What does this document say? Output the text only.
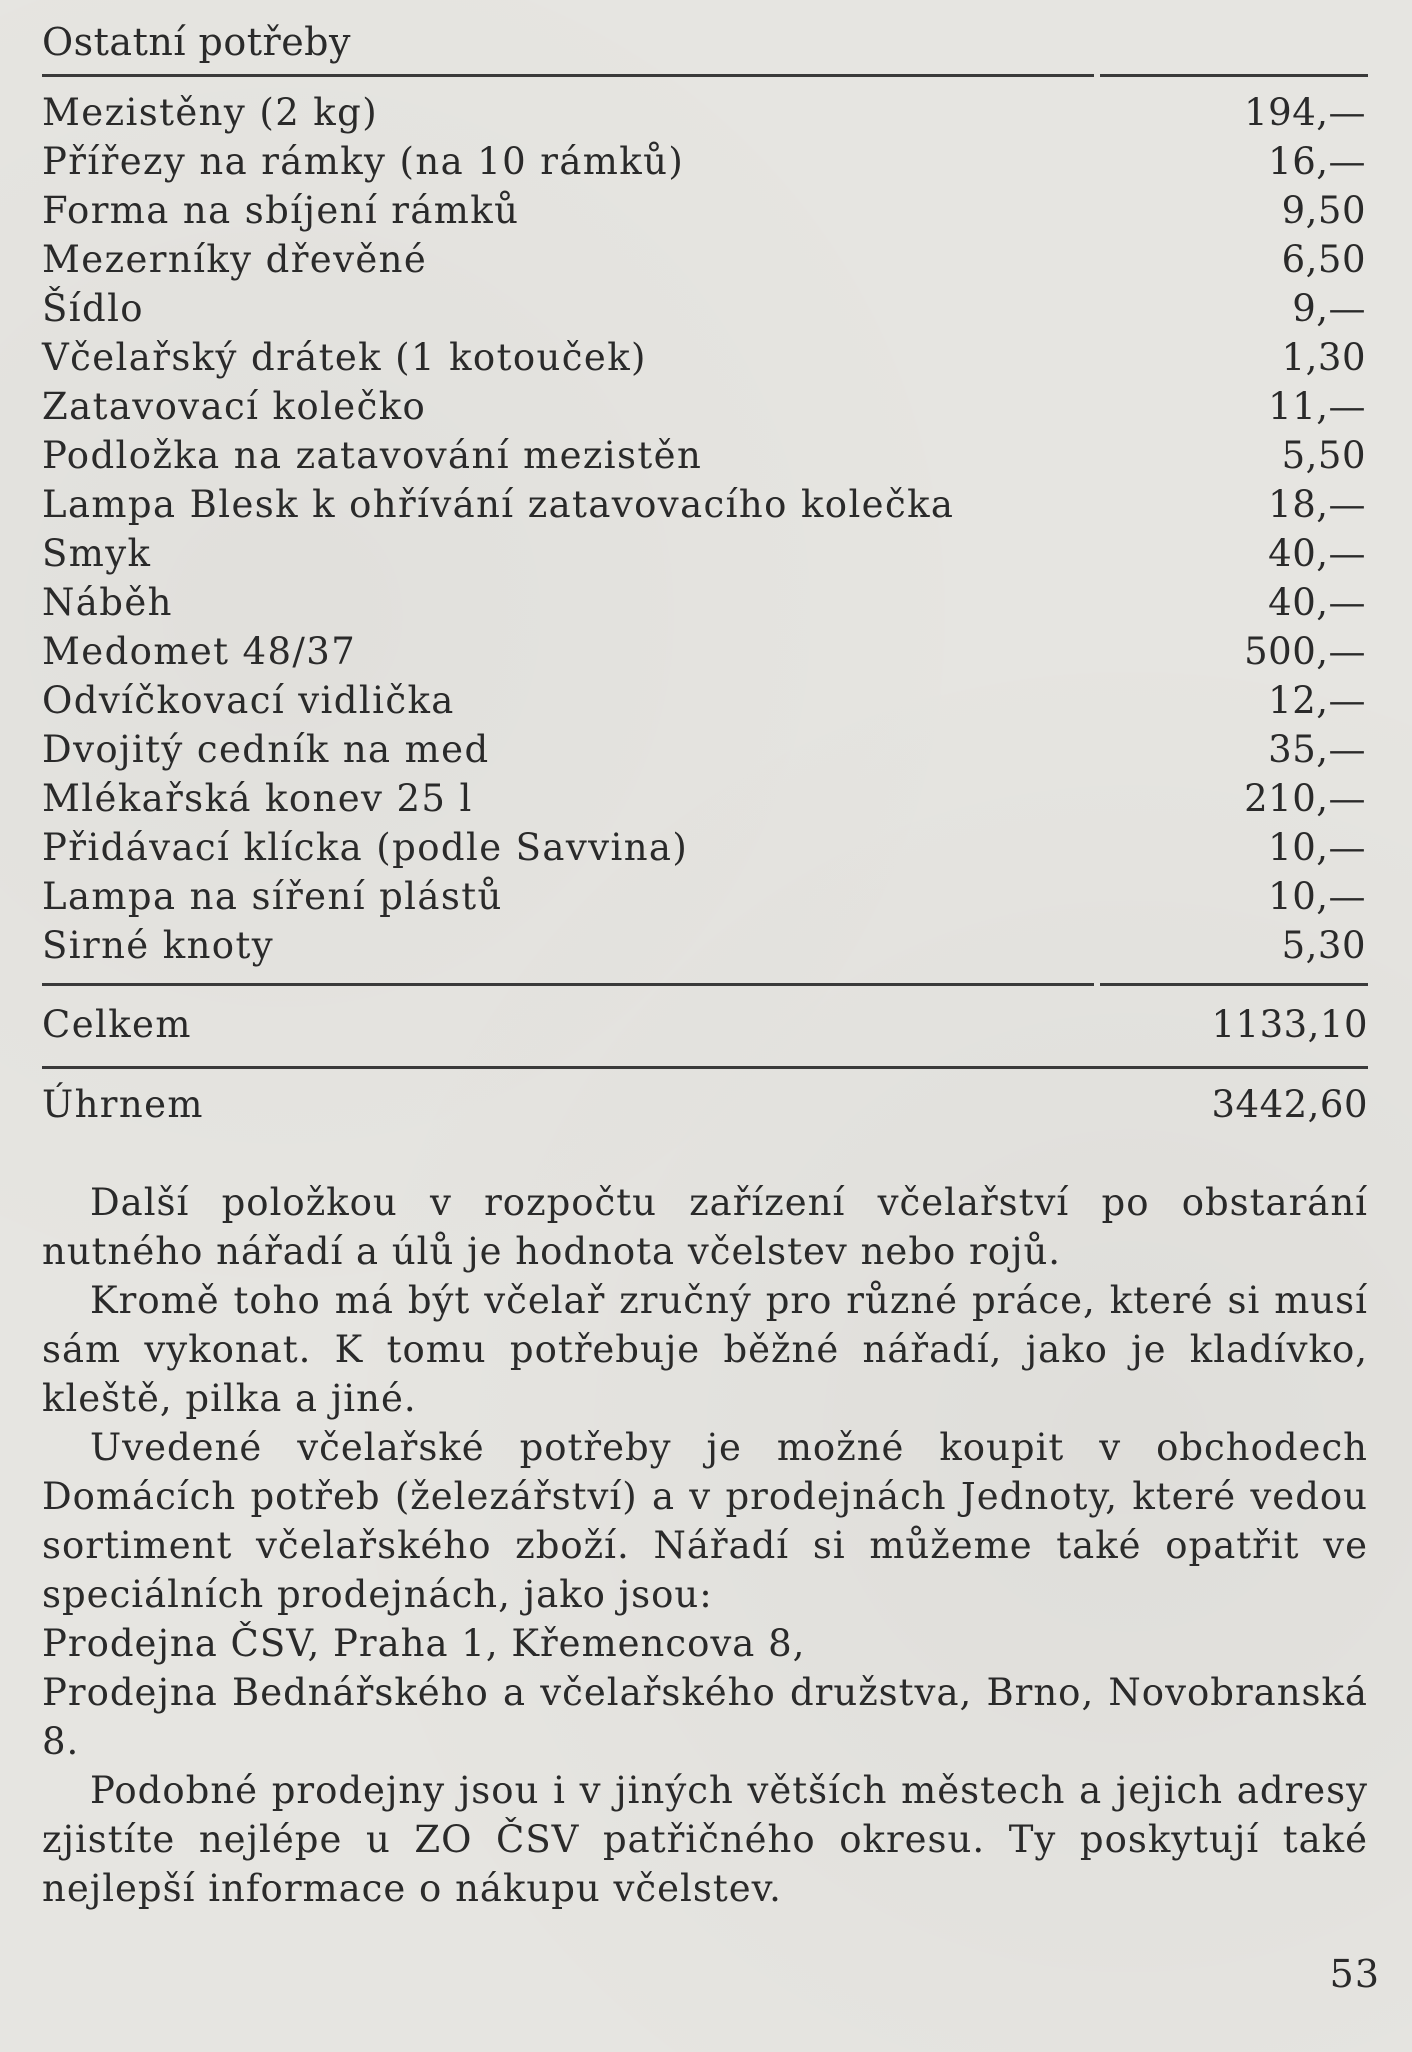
Ostatní potřeby
Mezistěny (2 kg)	194,—
Přířezy na rámky (na 10 rámků)	16,—
Forma na sbíjení rámků	9,50
Mezerníky dřevěné	6,50
Šídlo	9,—
Včelařský drátek (1 kotouček)	1,30
Zatavovací kolečko	11,—
Podložka na zatavování mezistěn	5,50
Lampa Blesk k ohřívání zatavovacího kolečka	18,—
Smyk	40,—
Náběh	40,—
Medomet 48/37	500,—
Odvíčkovací vidlička	12,—
Dvojitý cedník na med	35,—
Mlékařská konev 25 l	210,—
Přidávací klícka (podle Savvina)	10,—
Lampa na síření plástů	10,—
Sirné knoty	5,30
Celkem	1133,10
Úhrnem	3442,60

Další položkou v rozpočtu zařízení včelařství po obstarání nutného nářadí a úlů je hodnota včelstev nebo rojů.

Kromě toho má být včelař zručný pro různé práce, které si musí sám vykonat. K tomu potřebuje běžné nářadí, jako je kladívko, kleště, pilka a jiné.

Uvedené včelařské potřeby je možné koupit v obchodech Domácích potřeb (železářství) a v prodejnách Jednoty, které vedou sortiment včelařského zboží. Nářadí si můžeme také opatřit ve speciálních prodejnách, jako jsou:

Prodejna ČSV, Praha 1, Křemencova 8,

Prodejna Bednářského a včelařského družstva, Brno, Novobranská 8.

Podobné prodejny jsou i v jiných větších městech a jejich adresy zjistíte nejlépe u ZO ČSV patřičného okresu. Ty poskytují také nejlepší informace o nákupu včelstev.

53
